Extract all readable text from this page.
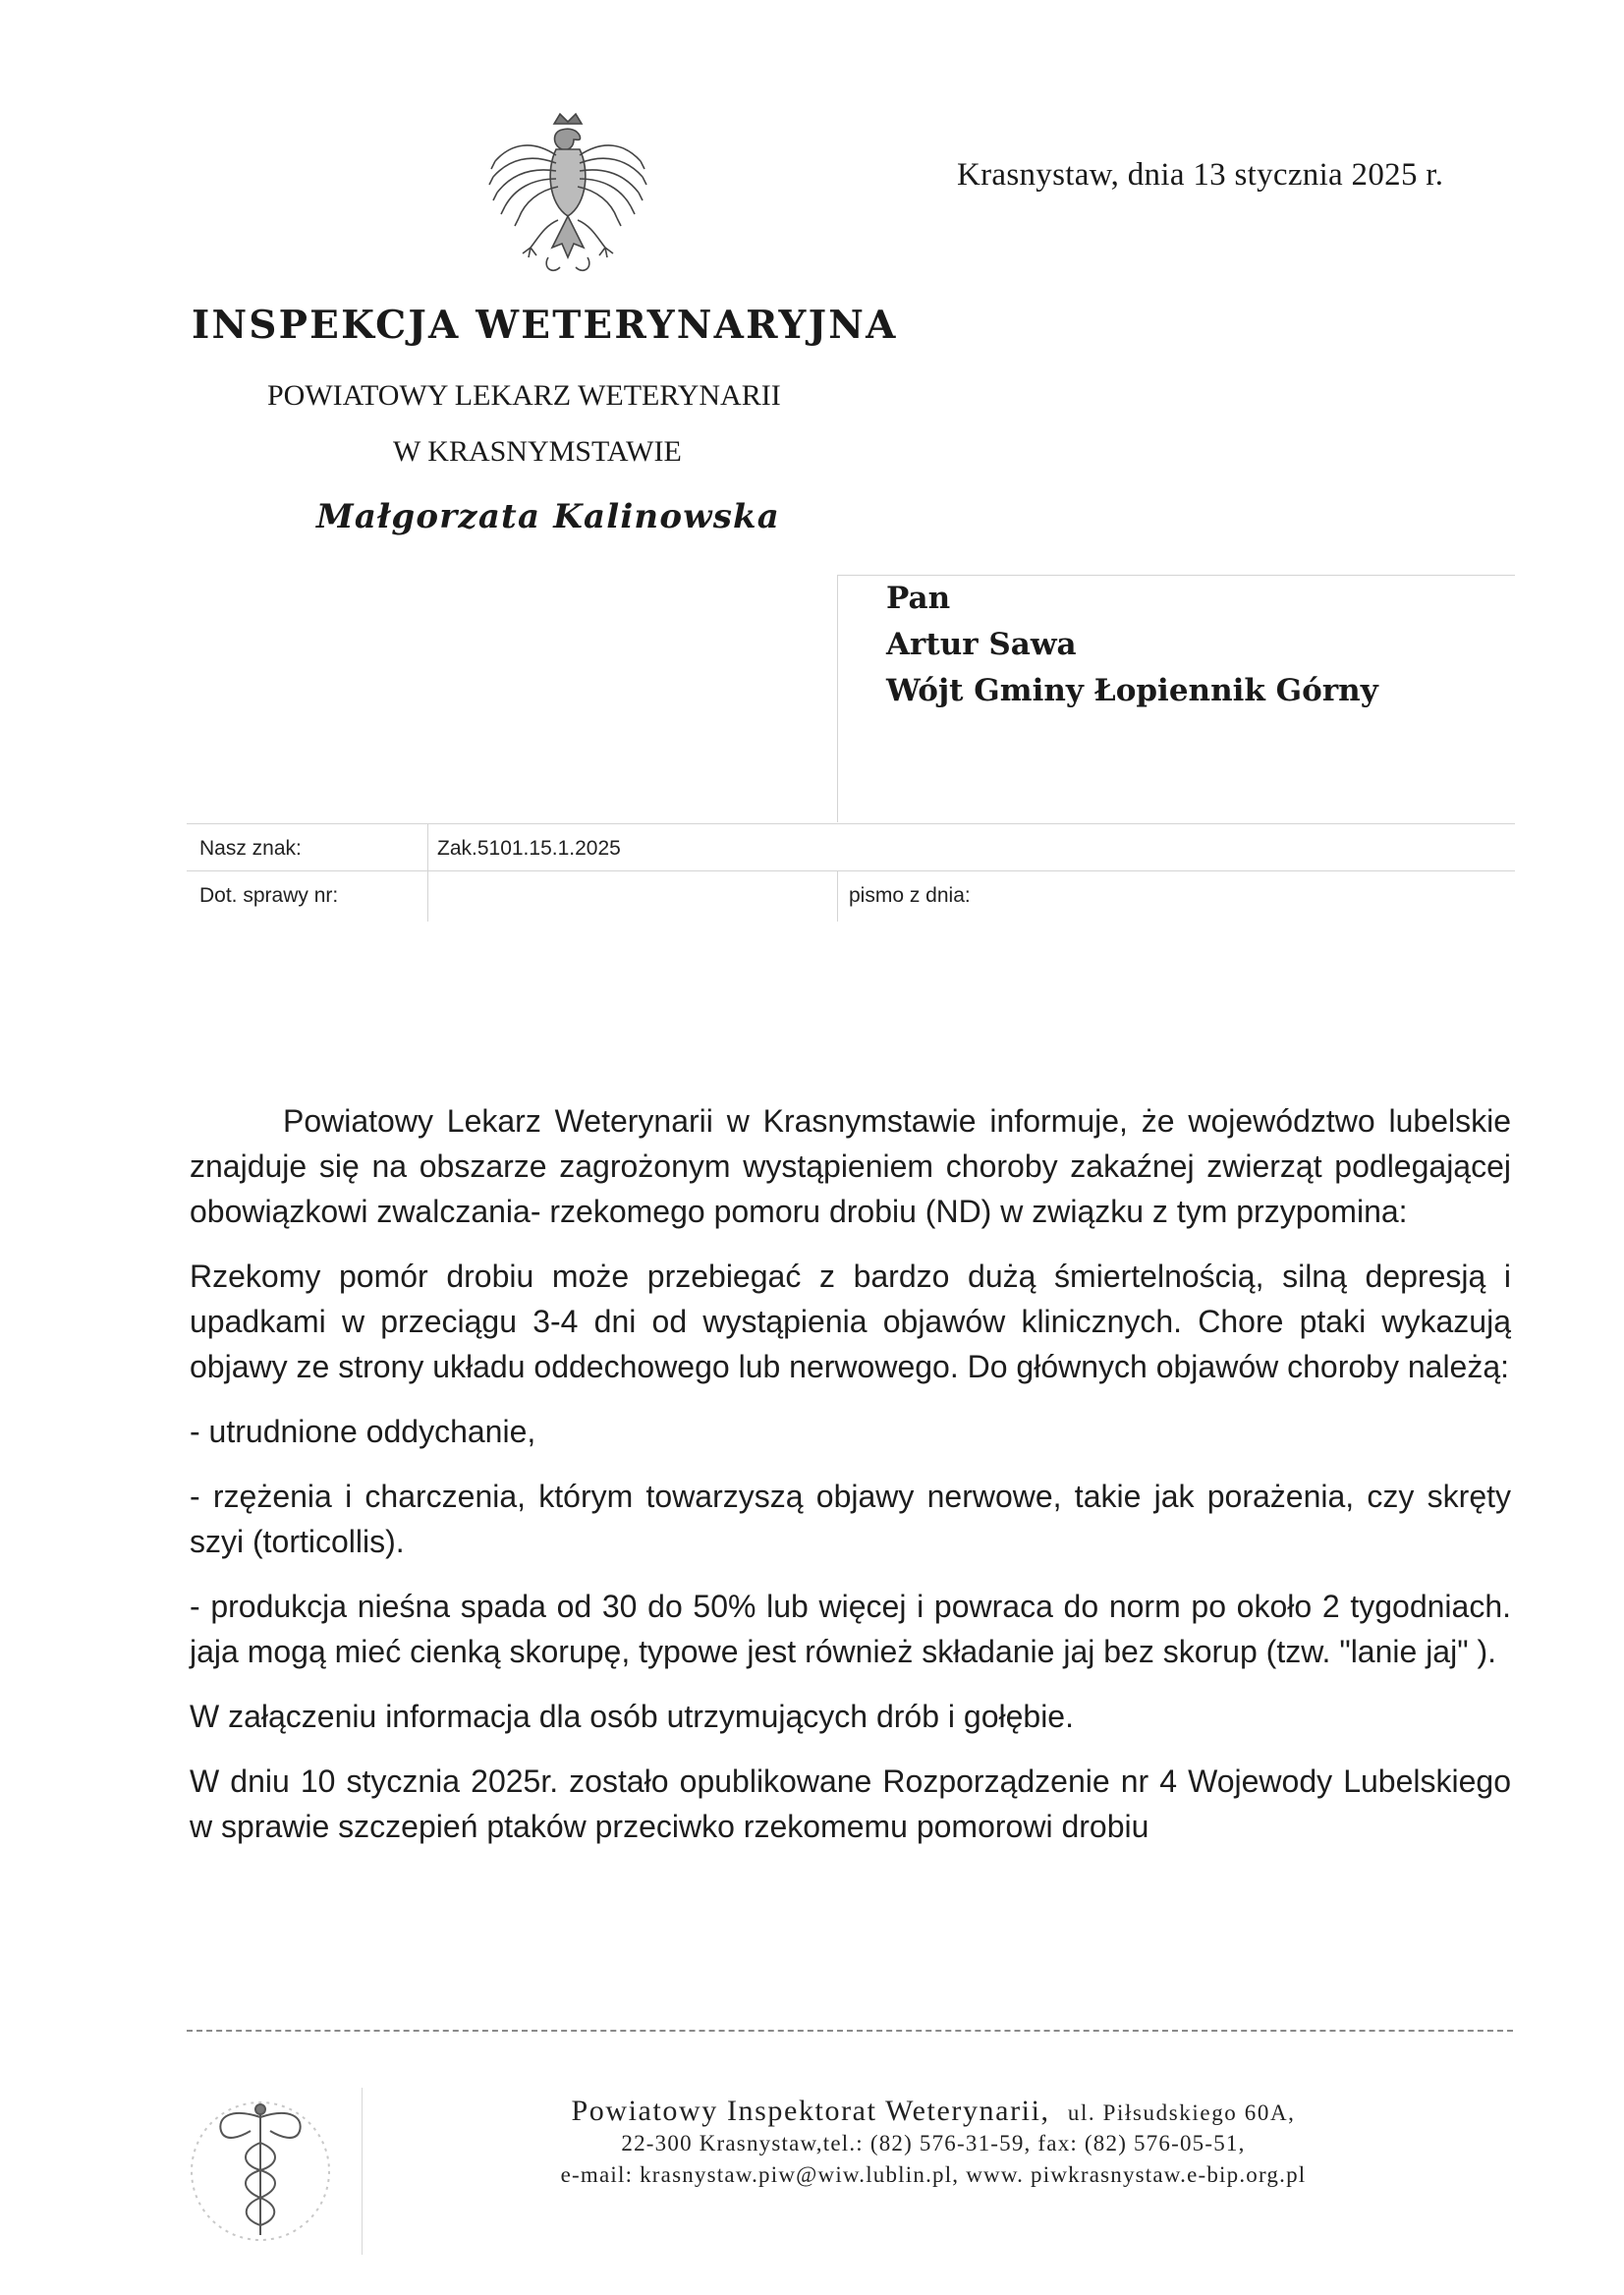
Krasnystaw, dnia 13 stycznia 2025 r.
INSPEKCJA WETERYNARYJNA
POWIATOWY LEKARZ WETERYNARII
W KRASNYMSTAWIE
Małgorzata Kalinowska
Pan
Artur Sawa
Wójt Gminy Łopiennik Górny
Nasz znak:	Zak.5101.15.1.2025
Dot. sprawy nr:	pismo z dnia:

Powiatowy Lekarz Weterynarii w Krasnymstawie informuje, że województwo lubelskie znajduje się na obszarze zagrożonym wystąpieniem choroby zakaźnej zwierząt podlegającej obowiązkowi zwalczania- rzekomego pomoru drobiu (ND) w związku z tym przypomina:

Rzekomy pomór drobiu może przebiegać z bardzo dużą śmiertelnością, silną depresją i upadkami w przeciągu 3-4 dni od wystąpienia objawów klinicznych. Chore ptaki wykazują objawy ze strony układu oddechowego lub nerwowego. Do głównych objawów choroby należą:

- utrudnione oddychanie,

- rzężenia i charczenia, którym towarzyszą objawy nerwowe, takie jak porażenia, czy skręty szyi (torticollis).

- produkcja nieśna spada od 30 do 50% lub więcej i powraca do norm po około 2 tygodniach. jaja mogą mieć cienką skorupę, typowe jest również składanie jaj bez skorup (tzw. "lanie jaj" ).

W załączeniu informacja dla osób utrzymujących drób i gołębie.

W dniu 10 stycznia 2025r. zostało opublikowane Rozporządzenie nr 4 Wojewody Lubelskiego w sprawie szczepień ptaków przeciwko rzekomemu pomorowi drobiu

Powiatowy Inspektorat Weterynarii, ul. Piłsudskiego 60A,
22-300 Krasnystaw,tel.: (82) 576-31-59, fax: (82) 576-05-51,
e-mail: krasnystaw.piw@wiw.lublin.pl, www. piwkrasnystaw.e-bip.org.pl
